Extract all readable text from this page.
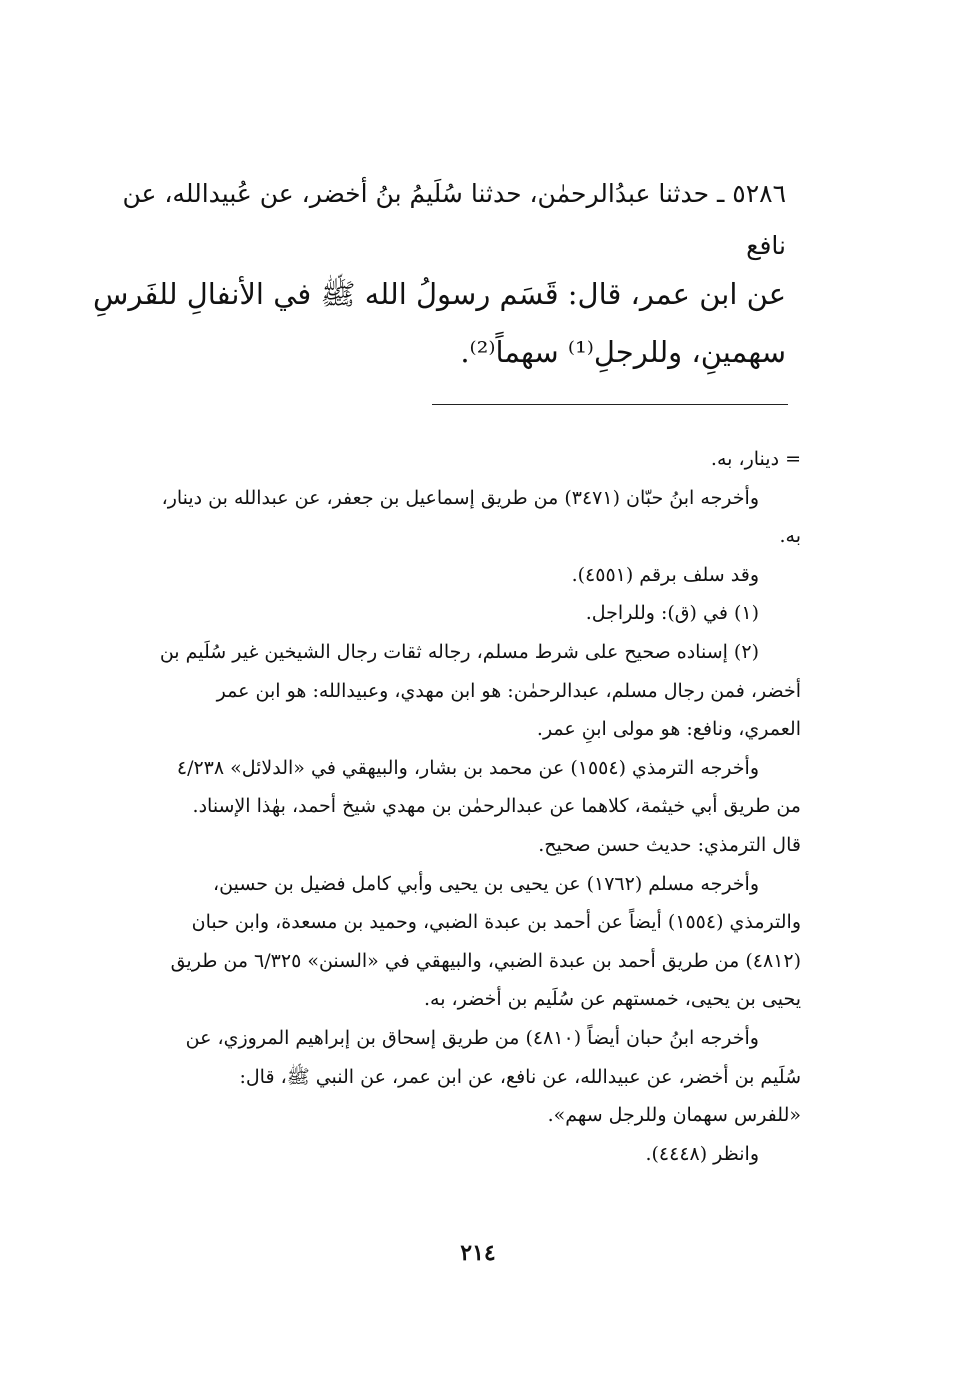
٥٢٨٦ ـ حدثنا عبدُالرحمٰن، حدثنا سُلَيمُ بنُ أخضر، عن عُبيدالله، عن
نافع
عن ابن عمر، قال: قَسَم رسولُ الله ﷺ في الأنفالِ للفَرسِ
سهمينِ، وللرجلِ⁽¹⁾ سهماً⁽²⁾.
= دينار، به.
وأخرجه ابنُ حبّان (٣٤٧١) من طريق إسماعيل بن جعفر، عن عبدالله بن دينار،
به.
وقد سلف برقم (٤٥٥١).
(١) في (ق): وللراجل.
(٢) إسناده صحيح على شرط مسلم، رجاله ثقات رجال الشيخين غير سُلَيم بن
أخضر، فمن رجال مسلم، عبدالرحمٰن: هو ابن مهدي، وعبيدالله: هو ابن عمر
العمري، ونافع: هو مولى ابنِ عمر.
وأخرجه الترمذي (١٥٥٤) عن محمد بن بشار، والبيهقي في «الدلائل» ٤/٢٣٨
من طريق أبي خيثمة، كلاهما عن عبدالرحمٰن بن مهدي شيخ أحمد، بهٰذا الإسناد.
قال الترمذي: حديث حسن صحيح.
وأخرجه مسلم (١٧٦٢) عن يحيى بن يحيى وأبي كامل فضيل بن حسين،
والترمذي (١٥٥٤) أيضاً عن أحمد بن عبدة الضبي، وحميد بن مسعدة، وابن حبان
(٤٨١٢) من طريق أحمد بن عبدة الضبي، والبيهقي في «السنن» ٦/٣٢٥ من طريق
يحيى بن يحيى، خمستهم عن سُلَيم بن أخضر، به.
وأخرجه ابنُ حبان أيضاً (٤٨١٠) من طريق إسحاق بن إبراهيم المروزي، عن
سُلَيم بن أخضر، عن عبيدالله، عن نافع، عن ابن عمر، عن النبي ﷺ، قال:
«للفرس سهمان وللرجل سهم».
وانظر (٤٤٤٨).
٢١٤
